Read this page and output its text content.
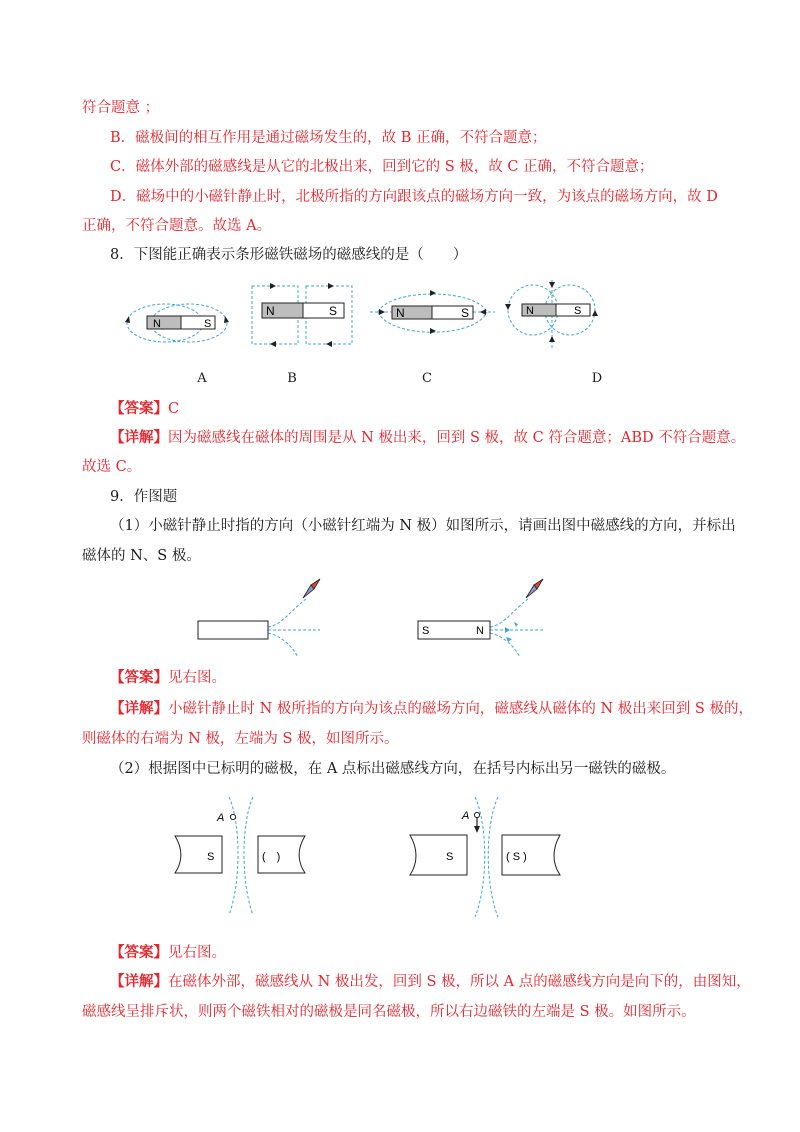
符合题意 ；
B．磁极间的相互作用是通过磁场发生的，故 B 正确，不符合题意；
C．磁体外部的磁感线是从它的北极出来，回到它的 S 极，故 C 正确，不符合题意；
D．磁场中的小磁针静止时，北极所指的方向跟该点的磁场方向一致，为该点的磁场方向，故 D
正确，不符合题意。故选 A。
8．下图能正确表示条形磁铁磁场的磁感线的是（　　）
N	S
N	S	N	S	N	S
A	B	C	D
【答案】C
【详解】因为磁感线在磁体的周围是从 N 极出来，回到 S 极，故 C 符合题意；ABD 不符合题意。
故选 C。
9．作图题
（1）小磁针静止时指的方向（小磁针红端为 N 极）如图所示，请画出图中磁感线的方向，并标出
磁体的 N、S 极。
S	N
【答案】见右图。
【详解】小磁针静止时 N 极所指的方向为该点的磁场方向，磁感线从磁体的 N 极出来回到 S 极的，
则磁体的右端为 N 极，左端为 S 极，如图所示。
（2）根据图中已标明的磁极，在 A 点标出磁感线方向，在括号内标出另一磁铁的磁极。
A
S	(　)
A
S	( S )
【答案】见右图。
【详解】在磁体外部，磁感线从 N 极出发，回到 S 极，所以 A 点的磁感线方向是向下的，由图知，
磁感线呈排斥状，则两个磁铁相对的磁极是同名磁极，所以右边磁铁的左端是 S 极。如图所示。
